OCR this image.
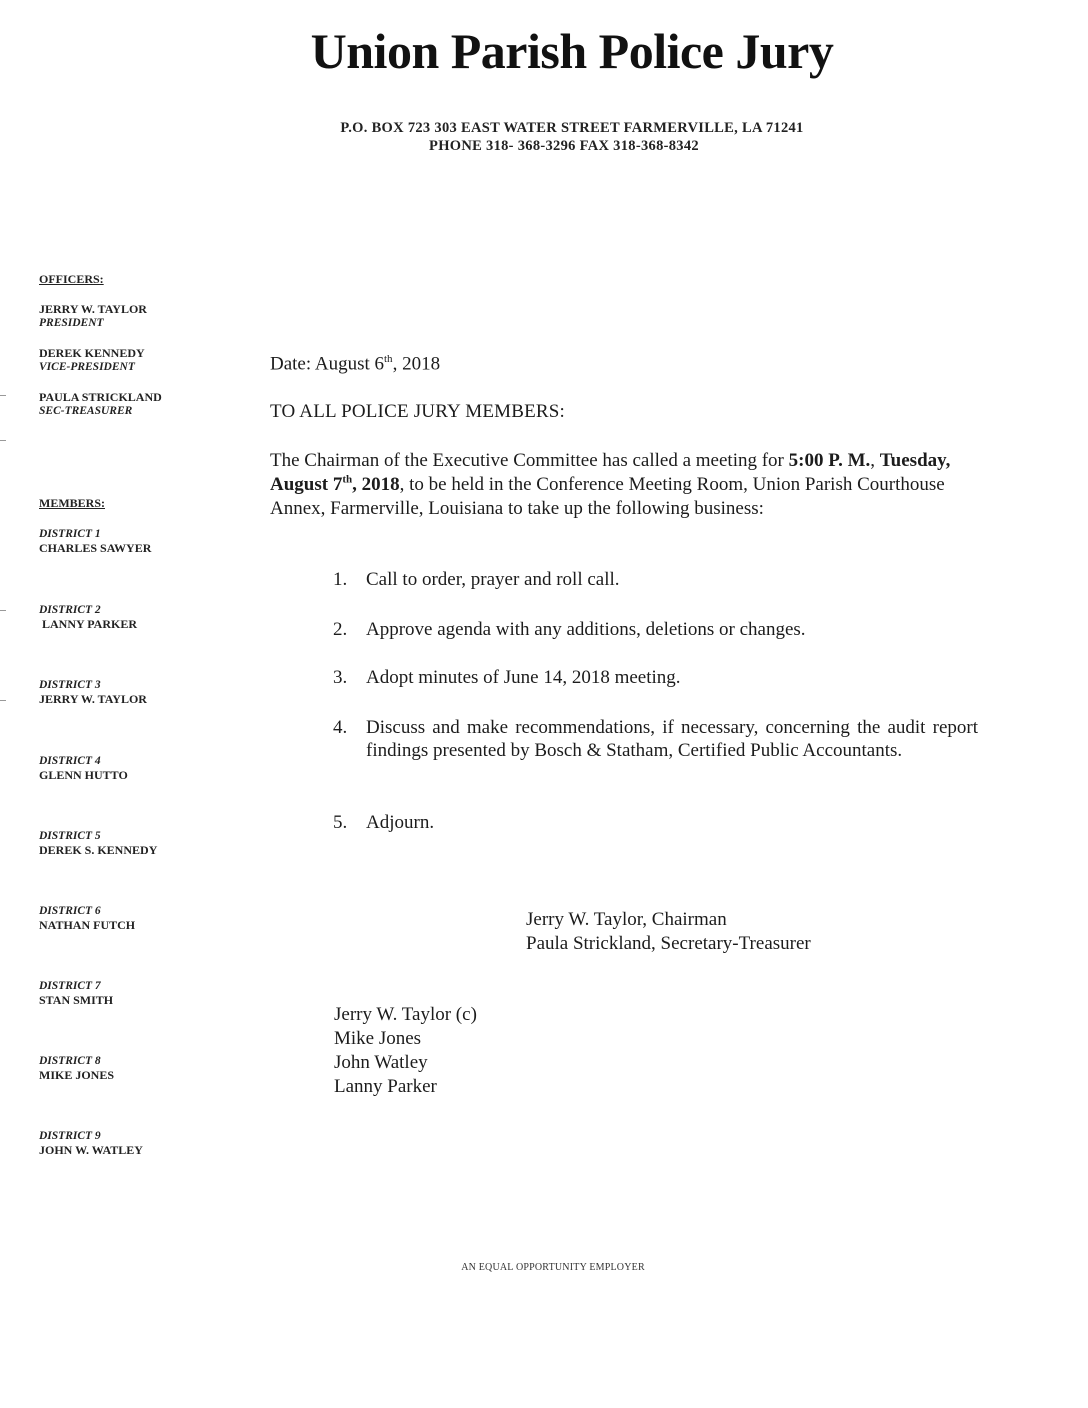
Union Parish Police Jury
P.O. BOX 723 303 EAST WATER STREET FARMERVILLE, LA 71241
PHONE 318- 368-3296 FAX 318-368-8342
OFFICERS:
JERRY W. TAYLOR
PRESIDENT
DEREK KENNEDY
VICE-PRESIDENT
PAULA STRICKLAND
SEC-TREASURER
MEMBERS:
DISTRICT 1
CHARLES SAWYER
DISTRICT 2
LANNY PARKER
DISTRICT 3
JERRY W. TAYLOR
DISTRICT 4
GLENN HUTTO
DISTRICT 5
DEREK S. KENNEDY
DISTRICT 6
NATHAN FUTCH
DISTRICT 7
STAN SMITH
DISTRICT 8
MIKE JONES
DISTRICT 9
JOHN W. WATLEY
Date: August 6th, 2018
TO ALL POLICE JURY MEMBERS:
The Chairman of the Executive Committee has called a meeting for 5:00 P. M., Tuesday, August 7th, 2018, to be held in the Conference Meeting Room, Union Parish Courthouse Annex, Farmerville, Louisiana to take up the following business:
1. Call to order, prayer and roll call.
2. Approve agenda with any additions, deletions or changes.
3. Adopt minutes of June 14, 2018 meeting.
4. Discuss and make recommendations, if necessary, concerning the audit report findings presented by Bosch & Statham, Certified Public Accountants.
5. Adjourn.
Jerry W. Taylor, Chairman
Paula Strickland, Secretary-Treasurer
Jerry W. Taylor (c)
Mike Jones
John Watley
Lanny Parker
AN EQUAL OPPORTUNITY EMPLOYER
